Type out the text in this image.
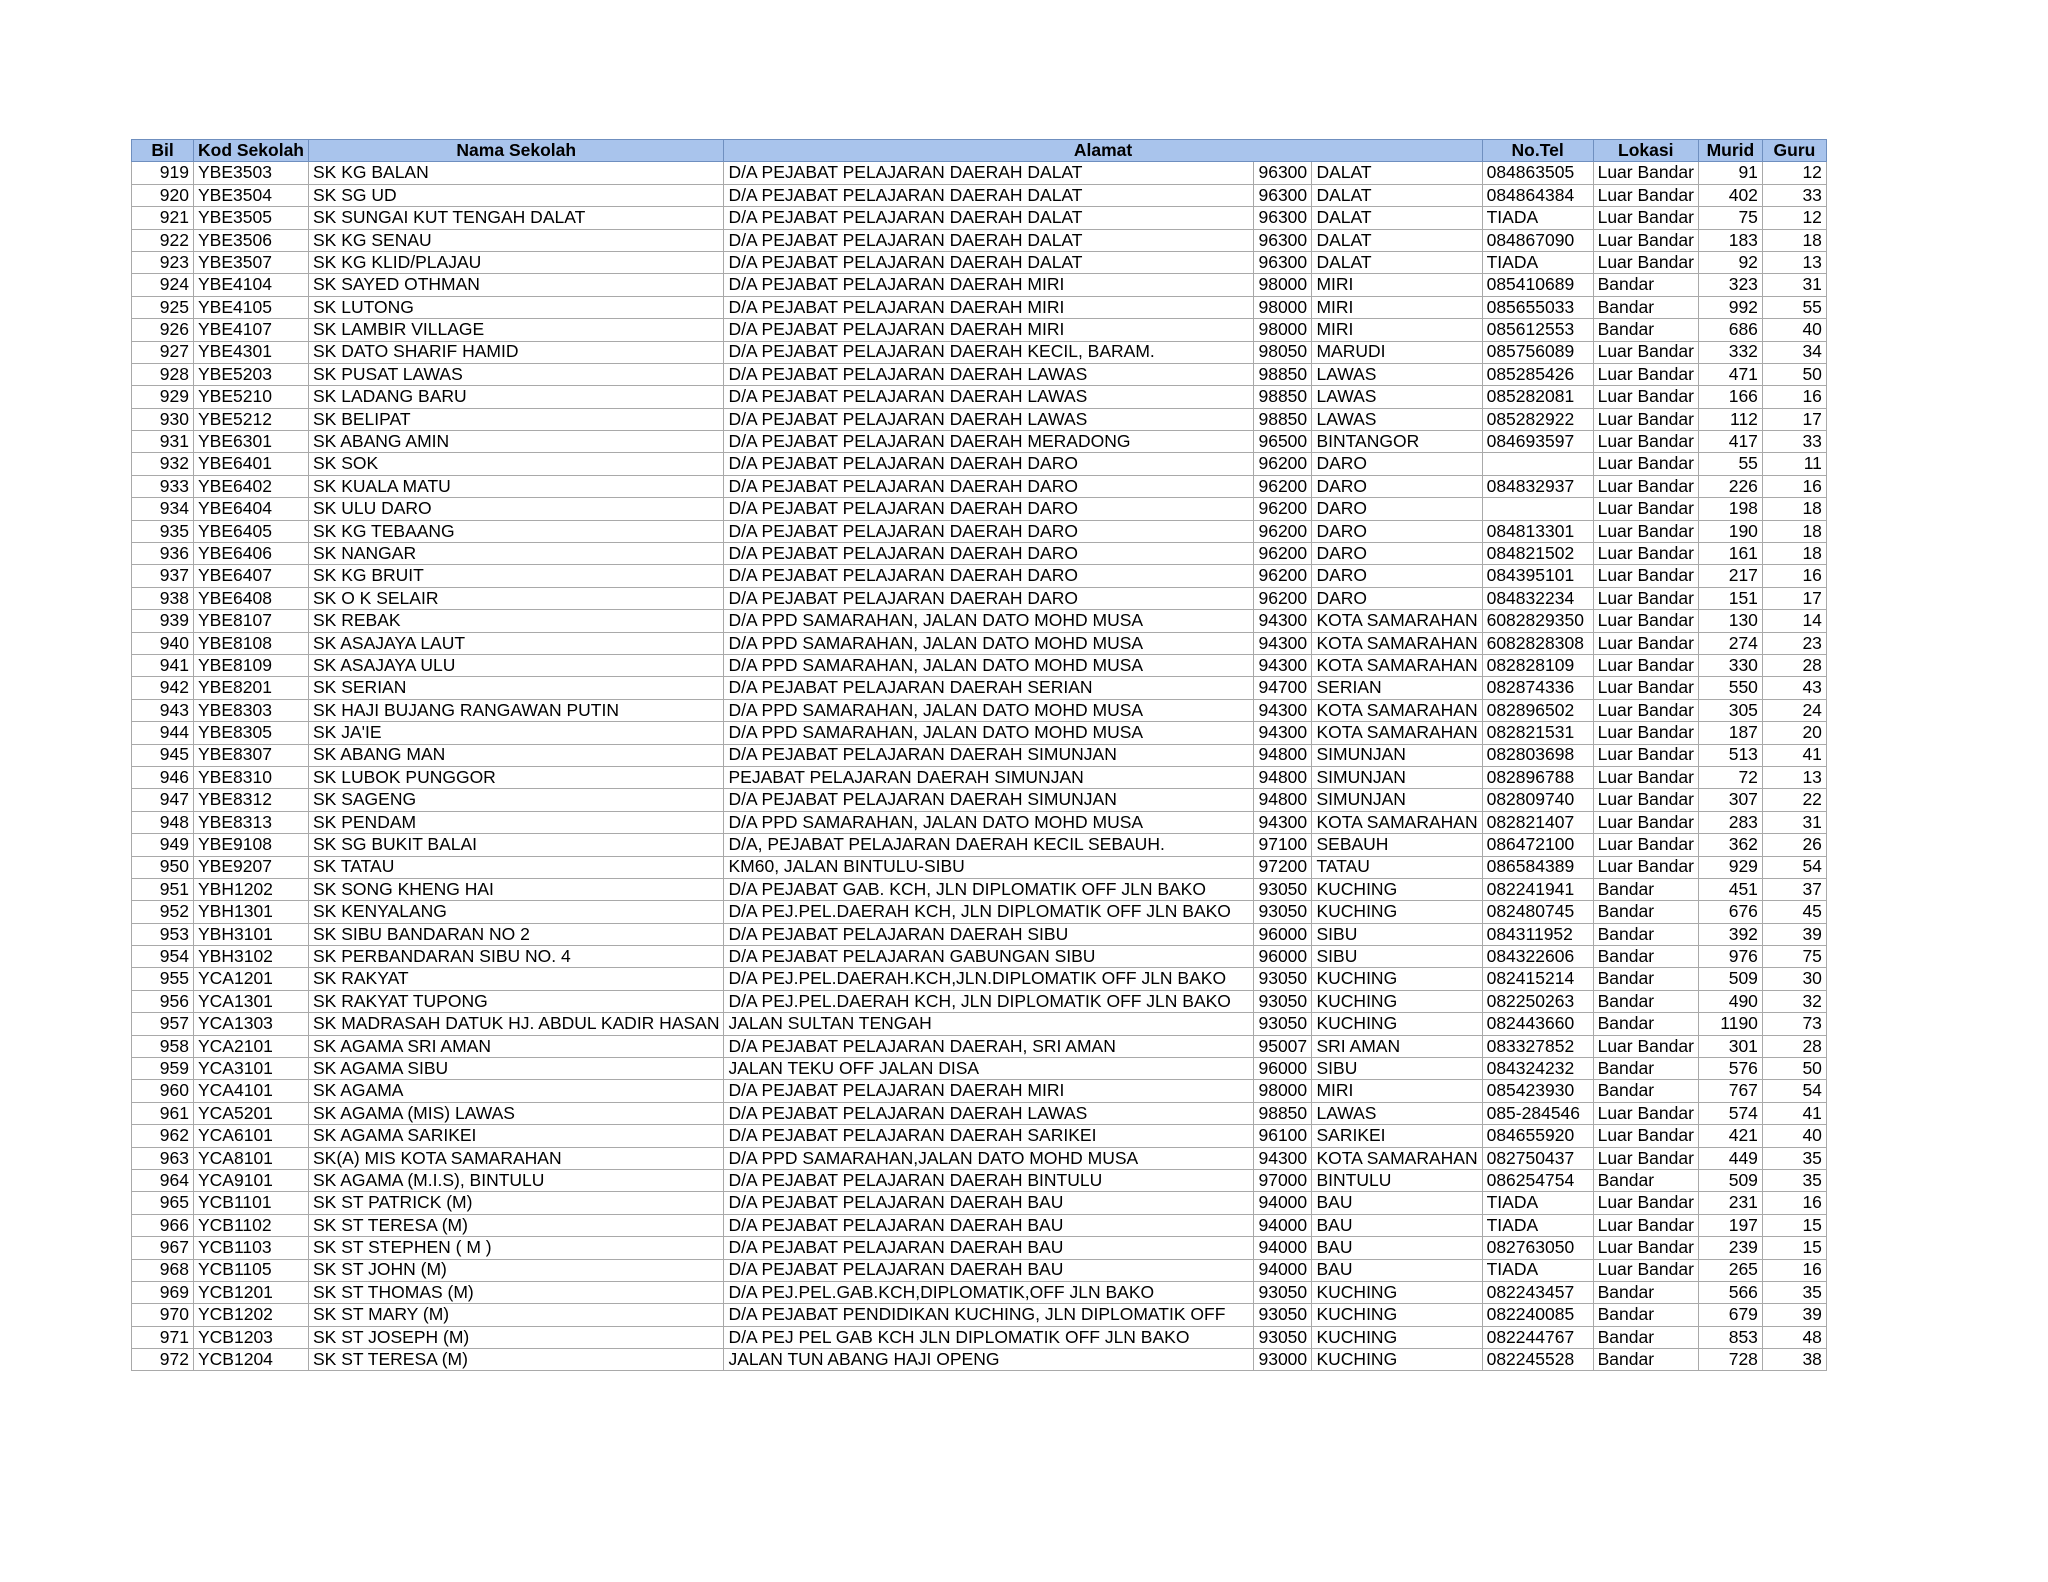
Bil	Kod Sekolah	Nama Sekolah	Alamat			No.Tel	Lokasi	Murid	Guru
919	YBE3503	SK KG BALAN	D/A PEJABAT PELAJARAN DAERAH DALAT	96300	DALAT	084863505	Luar Bandar	91	12
920	YBE3504	SK SG UD	D/A PEJABAT PELAJARAN DAERAH DALAT	96300	DALAT	084864384	Luar Bandar	402	33
921	YBE3505	SK SUNGAI KUT TENGAH DALAT	D/A PEJABAT PELAJARAN DAERAH DALAT	96300	DALAT	TIADA	Luar Bandar	75	12
922	YBE3506	SK KG SENAU	D/A PEJABAT PELAJARAN DAERAH DALAT	96300	DALAT	084867090	Luar Bandar	183	18
923	YBE3507	SK KG KLID/PLAJAU	D/A PEJABAT PELAJARAN DAERAH DALAT	96300	DALAT	TIADA	Luar Bandar	92	13
924	YBE4104	SK SAYED OTHMAN	D/A PEJABAT PELAJARAN DAERAH MIRI	98000	MIRI	085410689	Bandar	323	31
925	YBE4105	SK LUTONG	D/A PEJABAT PELAJARAN DAERAH MIRI	98000	MIRI	085655033	Bandar	992	55
926	YBE4107	SK LAMBIR VILLAGE	D/A PEJABAT PELAJARAN DAERAH MIRI	98000	MIRI	085612553	Bandar	686	40
927	YBE4301	SK DATO SHARIF HAMID	D/A PEJABAT PELAJARAN DAERAH KECIL, BARAM.	98050	MARUDI	085756089	Luar Bandar	332	34
928	YBE5203	SK PUSAT LAWAS	D/A PEJABAT PELAJARAN DAERAH LAWAS	98850	LAWAS	085285426	Luar Bandar	471	50
929	YBE5210	SK LADANG BARU	D/A PEJABAT PELAJARAN DAERAH LAWAS	98850	LAWAS	085282081	Luar Bandar	166	16
930	YBE5212	SK BELIPAT	D/A PEJABAT PELAJARAN DAERAH LAWAS	98850	LAWAS	085282922	Luar Bandar	112	17
931	YBE6301	SK ABANG AMIN	D/A PEJABAT PELAJARAN DAERAH MERADONG	96500	BINTANGOR	084693597	Luar Bandar	417	33
932	YBE6401	SK SOK	D/A PEJABAT PELAJARAN DAERAH DARO	96200	DARO		Luar Bandar	55	11
933	YBE6402	SK KUALA MATU	D/A PEJABAT PELAJARAN DAERAH DARO	96200	DARO	084832937	Luar Bandar	226	16
934	YBE6404	SK ULU DARO	D/A PEJABAT PELAJARAN DAERAH DARO	96200	DARO		Luar Bandar	198	18
935	YBE6405	SK KG TEBAANG	D/A PEJABAT PELAJARAN DAERAH DARO	96200	DARO	084813301	Luar Bandar	190	18
936	YBE6406	SK NANGAR	D/A PEJABAT PELAJARAN DAERAH DARO	96200	DARO	084821502	Luar Bandar	161	18
937	YBE6407	SK KG BRUIT	D/A PEJABAT PELAJARAN DAERAH DARO	96200	DARO	084395101	Luar Bandar	217	16
938	YBE6408	SK O K SELAIR	D/A PEJABAT PELAJARAN DAERAH DARO	96200	DARO	084832234	Luar Bandar	151	17
939	YBE8107	SK REBAK	D/A PPD SAMARAHAN, JALAN DATO MOHD MUSA	94300	KOTA SAMARAHAN	6082829350	Luar Bandar	130	14
940	YBE8108	SK ASAJAYA LAUT	D/A PPD SAMARAHAN, JALAN DATO MOHD MUSA	94300	KOTA SAMARAHAN	6082828308	Luar Bandar	274	23
941	YBE8109	SK ASAJAYA ULU	D/A PPD SAMARAHAN, JALAN DATO MOHD MUSA	94300	KOTA SAMARAHAN	082828109	Luar Bandar	330	28
942	YBE8201	SK SERIAN	D/A PEJABAT PELAJARAN DAERAH SERIAN	94700	SERIAN	082874336	Luar Bandar	550	43
943	YBE8303	SK HAJI BUJANG RANGAWAN PUTIN	D/A PPD SAMARAHAN, JALAN DATO MOHD MUSA	94300	KOTA SAMARAHAN	082896502	Luar Bandar	305	24
944	YBE8305	SK JA'IE	D/A PPD SAMARAHAN, JALAN DATO MOHD MUSA	94300	KOTA SAMARAHAN	082821531	Luar Bandar	187	20
945	YBE8307	SK ABANG MAN	D/A PEJABAT PELAJARAN DAERAH SIMUNJAN	94800	SIMUNJAN	082803698	Luar Bandar	513	41
946	YBE8310	SK LUBOK PUNGGOR	PEJABAT PELAJARAN DAERAH SIMUNJAN	94800	SIMUNJAN	082896788	Luar Bandar	72	13
947	YBE8312	SK SAGENG	D/A PEJABAT PELAJARAN DAERAH SIMUNJAN	94800	SIMUNJAN	082809740	Luar Bandar	307	22
948	YBE8313	SK PENDAM	D/A PPD SAMARAHAN, JALAN DATO MOHD MUSA	94300	KOTA SAMARAHAN	082821407	Luar Bandar	283	31
949	YBE9108	SK SG BUKIT BALAI	D/A, PEJABAT PELAJARAN DAERAH KECIL SEBAUH.	97100	SEBAUH	086472100	Luar Bandar	362	26
950	YBE9207	SK TATAU	KM60, JALAN BINTULU-SIBU	97200	TATAU	086584389	Luar Bandar	929	54
951	YBH1202	SK SONG KHENG HAI	D/A PEJABAT GAB. KCH, JLN DIPLOMATIK OFF JLN BAKO	93050	KUCHING	082241941	Bandar	451	37
952	YBH1301	SK KENYALANG	D/A PEJ.PEL.DAERAH KCH, JLN DIPLOMATIK OFF JLN BAKO	93050	KUCHING	082480745	Bandar	676	45
953	YBH3101	SK SIBU BANDARAN NO 2	D/A PEJABAT PELAJARAN DAERAH SIBU	96000	SIBU	084311952	Bandar	392	39
954	YBH3102	SK PERBANDARAN SIBU NO. 4	D/A PEJABAT PELAJARAN GABUNGAN SIBU	96000	SIBU	084322606	Bandar	976	75
955	YCA1201	SK RAKYAT	D/A PEJ.PEL.DAERAH.KCH,JLN.DIPLOMATIK OFF JLN BAKO	93050	KUCHING	082415214	Bandar	509	30
956	YCA1301	SK RAKYAT TUPONG	D/A PEJ.PEL.DAERAH KCH, JLN DIPLOMATIK OFF JLN BAKO	93050	KUCHING	082250263	Bandar	490	32
957	YCA1303	SK MADRASAH DATUK HJ. ABDUL KADIR HASAN	JALAN SULTAN TENGAH	93050	KUCHING	082443660	Bandar	1190	73
958	YCA2101	SK AGAMA SRI AMAN	D/A PEJABAT PELAJARAN DAERAH, SRI AMAN	95007	SRI AMAN	083327852	Luar Bandar	301	28
959	YCA3101	SK AGAMA SIBU	JALAN TEKU OFF JALAN DISA	96000	SIBU	084324232	Bandar	576	50
960	YCA4101	SK AGAMA	D/A PEJABAT PELAJARAN DAERAH MIRI	98000	MIRI	085423930	Bandar	767	54
961	YCA5201	SK AGAMA (MIS) LAWAS	D/A PEJABAT PELAJARAN DAERAH LAWAS	98850	LAWAS	085-284546	Luar Bandar	574	41
962	YCA6101	SK AGAMA SARIKEI	D/A PEJABAT PELAJARAN DAERAH SARIKEI	96100	SARIKEI	084655920	Luar Bandar	421	40
963	YCA8101	SK(A) MIS KOTA SAMARAHAN	D/A PPD SAMARAHAN,JALAN DATO MOHD MUSA	94300	KOTA SAMARAHAN	082750437	Luar Bandar	449	35
964	YCA9101	SK AGAMA (M.I.S), BINTULU	D/A PEJABAT PELAJARAN DAERAH BINTULU	97000	BINTULU	086254754	Bandar	509	35
965	YCB1101	SK ST PATRICK (M)	D/A PEJABAT PELAJARAN DAERAH BAU	94000	BAU	TIADA	Luar Bandar	231	16
966	YCB1102	SK ST TERESA (M)	D/A PEJABAT PELAJARAN DAERAH BAU	94000	BAU	TIADA	Luar Bandar	197	15
967	YCB1103	SK ST STEPHEN ( M )	D/A PEJABAT PELAJARAN DAERAH BAU	94000	BAU	082763050	Luar Bandar	239	15
968	YCB1105	SK ST JOHN (M)	D/A PEJABAT PELAJARAN DAERAH BAU	94000	BAU	TIADA	Luar Bandar	265	16
969	YCB1201	SK ST THOMAS (M)	D/A PEJ.PEL.GAB.KCH,DIPLOMATIK,OFF JLN BAKO	93050	KUCHING	082243457	Bandar	566	35
970	YCB1202	SK ST MARY (M)	D/A PEJABAT PENDIDIKAN KUCHING, JLN DIPLOMATIK OFF	93050	KUCHING	082240085	Bandar	679	39
971	YCB1203	SK ST JOSEPH (M)	D/A PEJ PEL GAB KCH JLN DIPLOMATIK OFF JLN BAKO	93050	KUCHING	082244767	Bandar	853	48
972	YCB1204	SK ST TERESA (M)	JALAN TUN ABANG HAJI OPENG	93000	KUCHING	082245528	Bandar	728	38
